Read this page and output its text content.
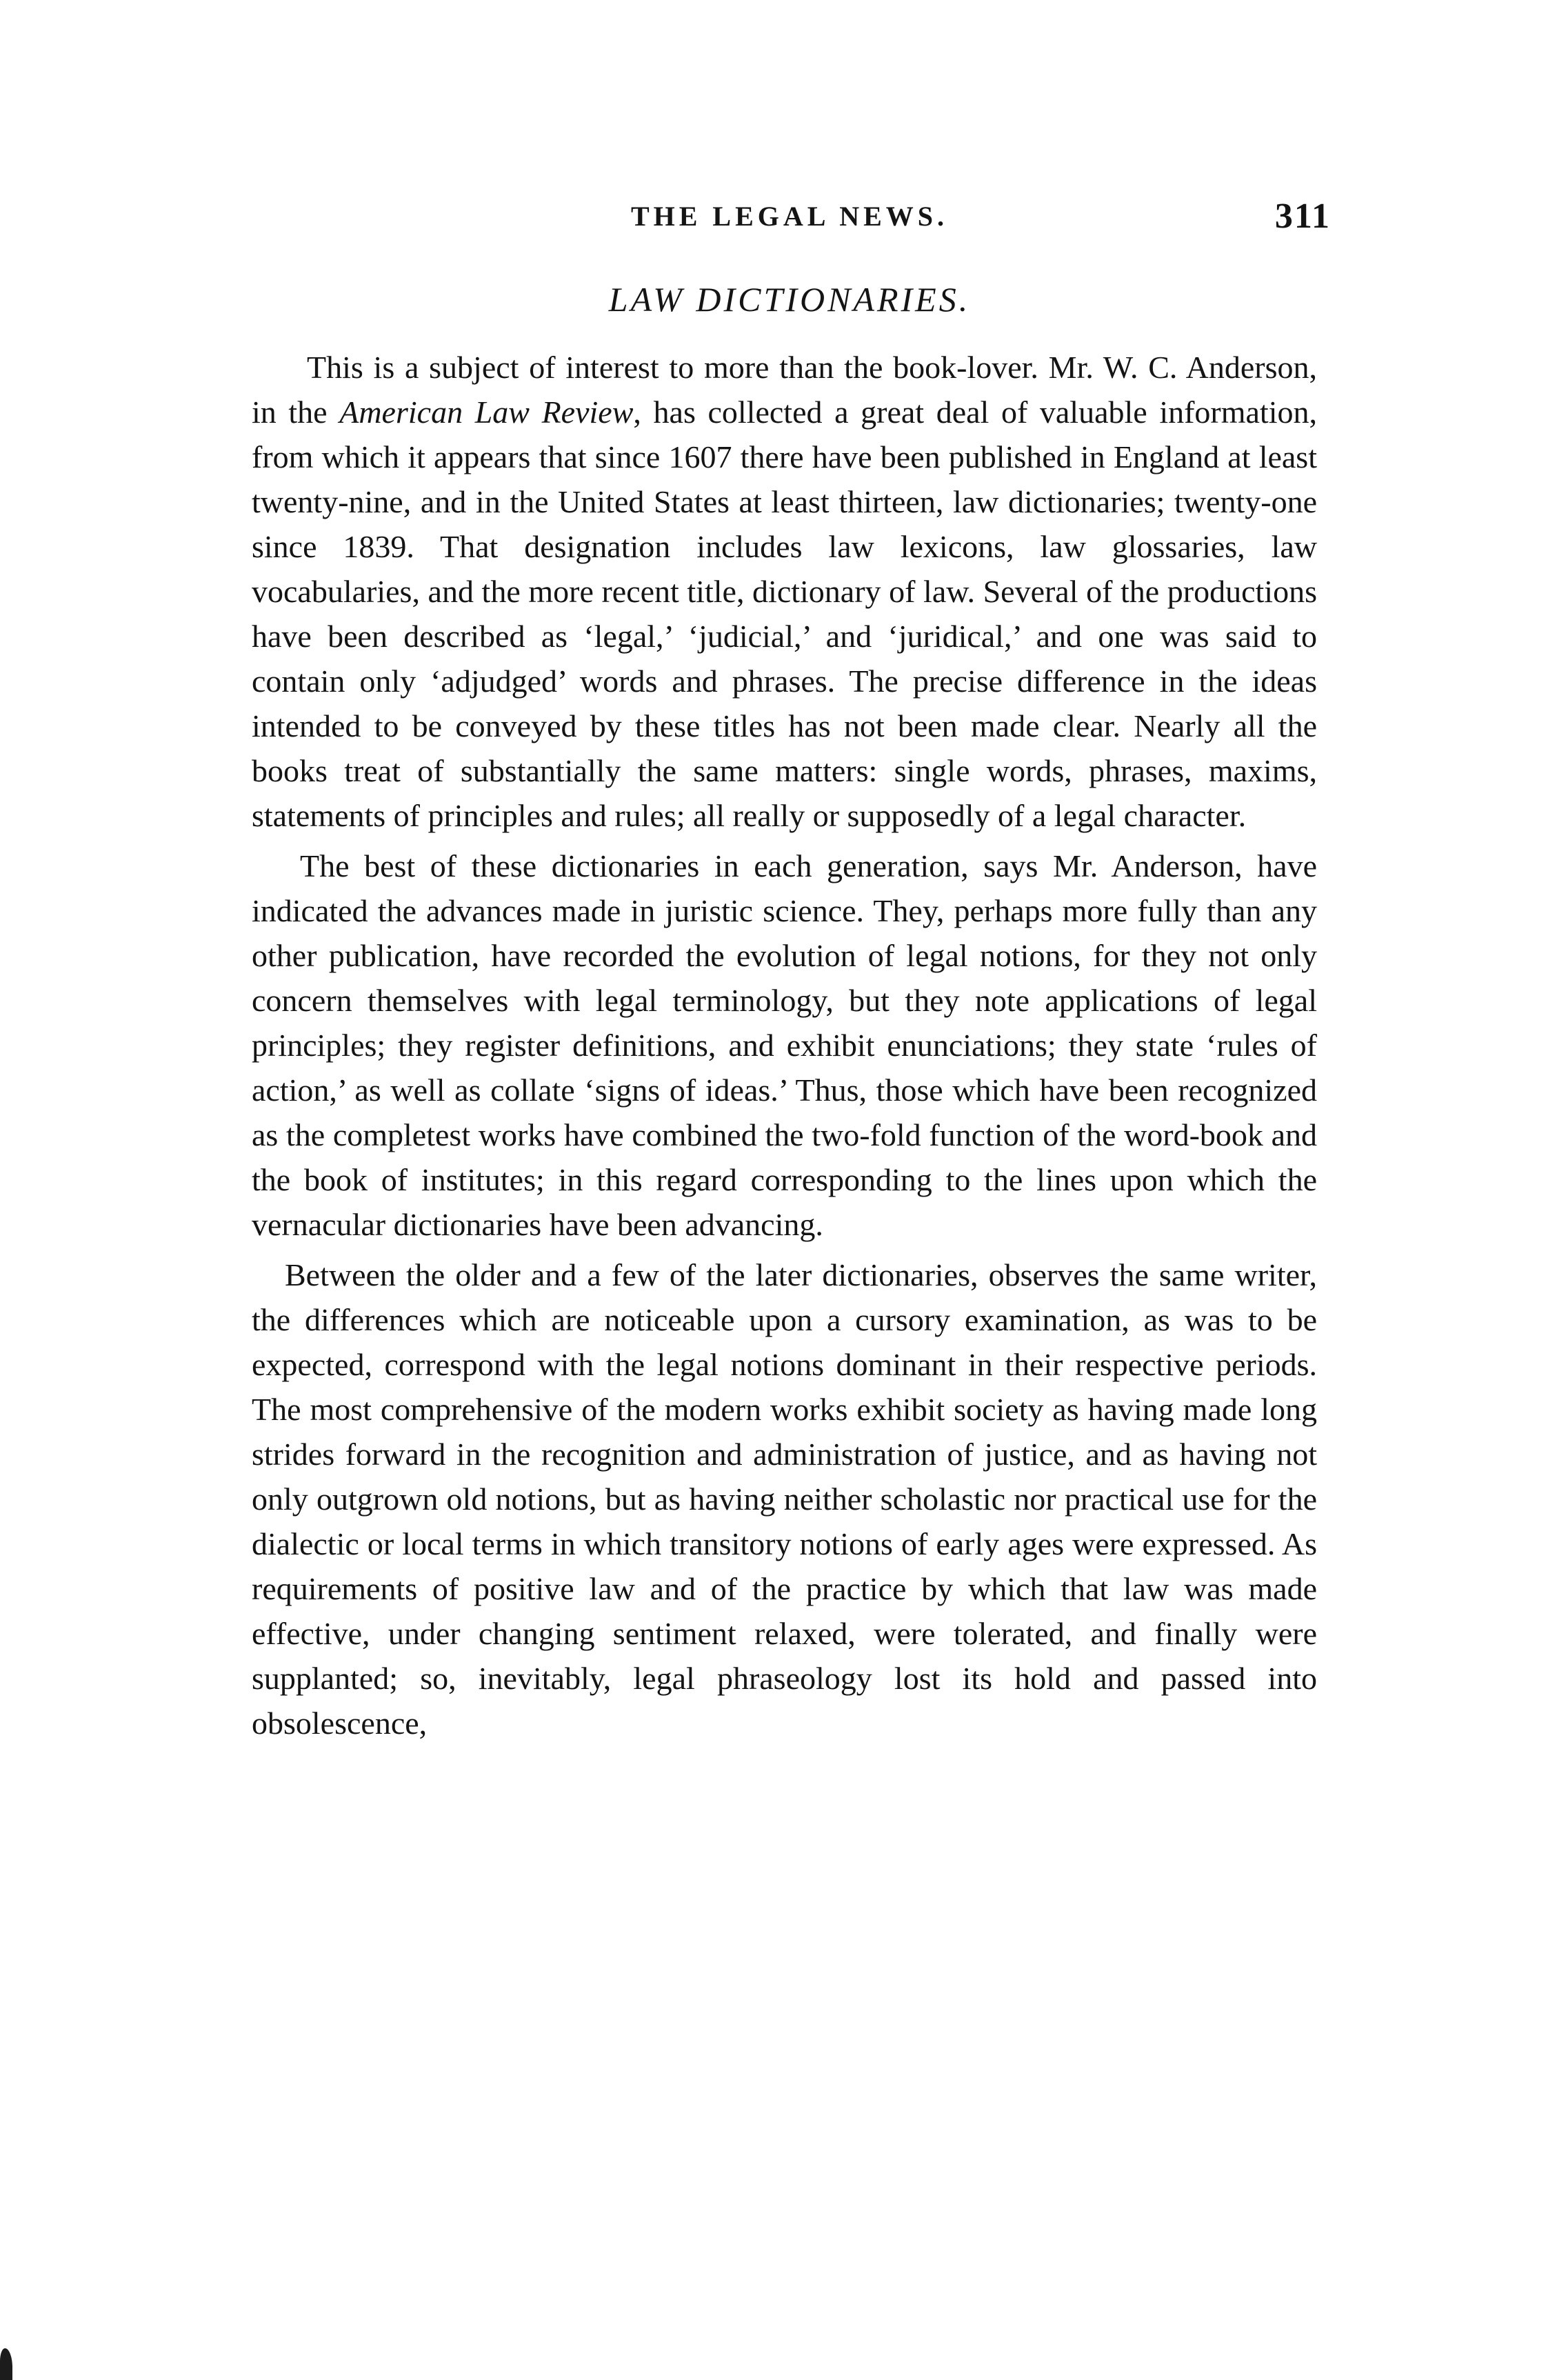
THE LEGAL NEWS.	311
LAW DICTIONARIES.

This is a subject of interest to more than the book-lover. Mr. W. C. Anderson, in the American Law Review, has collected a great deal of valuable information, from which it appears that since 1607 there have been published in England at least twenty-nine, and in the United States at least thirteen, law dictionaries; twenty-one since 1839. That designation includes law lexicons, law glossaries, law vocabularies, and the more recent title, dictionary of law. Several of the productions have been described as ‘legal,’ ‘judicial,’ and ‘juridical,’ and one was said to contain only ‘adjudged’ words and phrases. The precise difference in the ideas intended to be conveyed by these titles has not been made clear. Nearly all the books treat of substantially the same matters: single words, phrases, maxims, statements of principles and rules; all really or supposedly of a legal character.

The best of these dictionaries in each generation, says Mr. Anderson, have indicated the advances made in juristic science. They, perhaps more fully than any other publication, have recorded the evolution of legal notions, for they not only concern themselves with legal terminology, but they note applications of legal principles; they register definitions, and exhibit enunciations; they state ‘rules of action,’ as well as collate ‘signs of ideas.’ Thus, those which have been recognized as the completest works have combined the two-fold function of the word-book and the book of institutes; in this regard corresponding to the lines upon which the vernacular dictionaries have been advancing.

Between the older and a few of the later dictionaries, observes the same writer, the differences which are noticeable upon a cursory examination, as was to be expected, correspond with the legal notions dominant in their respective periods. The most comprehensive of the modern works exhibit society as having made long strides forward in the recognition and administration of justice, and as having not only outgrown old notions, but as having neither scholastic nor practical use for the dialectic or local terms in which transitory notions of early ages were expressed. As requirements of positive law and of the practice by which that law was made effective, under changing sentiment relaxed, were tolerated, and finally were supplanted; so, inevitably, legal phraseology lost its hold and passed into obsolescence,
